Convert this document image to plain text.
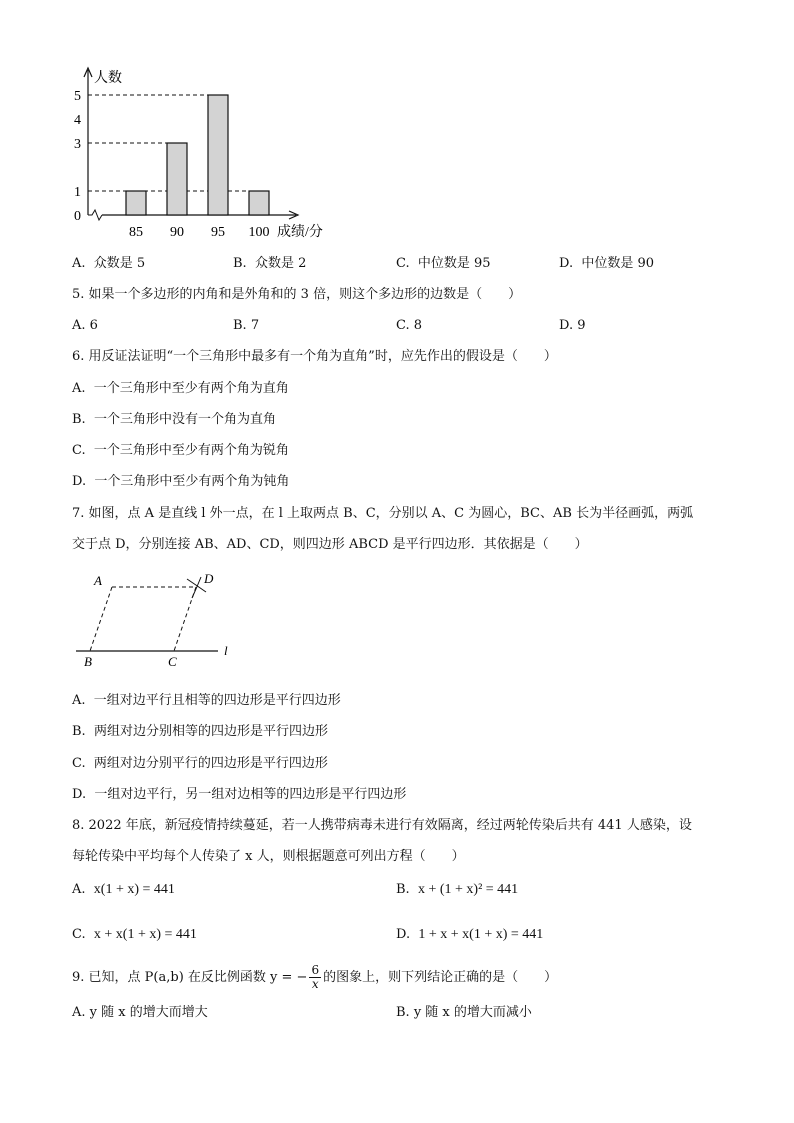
人数
成绩/分
0
1
3
4
5
85 90 95 100
A. 众数是 5	B. 众数是 2	C. 中位数是 95	D. 中位数是 90
5. 如果一个多边形的内角和是外角和的 3 倍，则这个多边形的边数是（　　）
A. 6	B. 7	C. 8	D. 9
6. 用反证法证明“一个三角形中最多有一个角为直角”时，应先作出的假设是（　　）
A. 一个三角形中至少有两个角为直角
B. 一个三角形中没有一个角为直角
C. 一个三角形中至少有两个角为锐角
D. 一个三角形中至少有两个角为钝角
7. 如图，点 A 是直线 l 外一点，在 l 上取两点 B、C，分别以 A、C 为圆心，BC、AB 长为半径画弧，两弧
交于点 D，分别连接 AB、AD、CD，则四边形 ABCD 是平行四边形．其依据是（　　）
A	D
B	C
l
A. 一组对边平行且相等的四边形是平行四边形
B. 两组对边分别相等的四边形是平行四边形
C. 两组对边分别平行的四边形是平行四边形
D. 一组对边平行，另一组对边相等的四边形是平行四边形
8. 2022 年底，新冠疫情持续蔓延，若一人携带病毒未进行有效隔离，经过两轮传染后共有 441 人感染，设
每轮传染中平均每个人传染了 x 人，则根据题意可列出方程（　　）
A. x(1 + x) = 441	B. x + (1 + x)² = 441
C. x + x(1 + x) = 441	D. 1 + x + x(1 + x) = 441
9. 已知，点 P(a,b) 在反比例函数 y = − $\frac{6}{x}$ 的图象上，则下列结论正确的是（　　）
A. y 随 x 的增大而增大	B. y 随 x 的增大而减小
